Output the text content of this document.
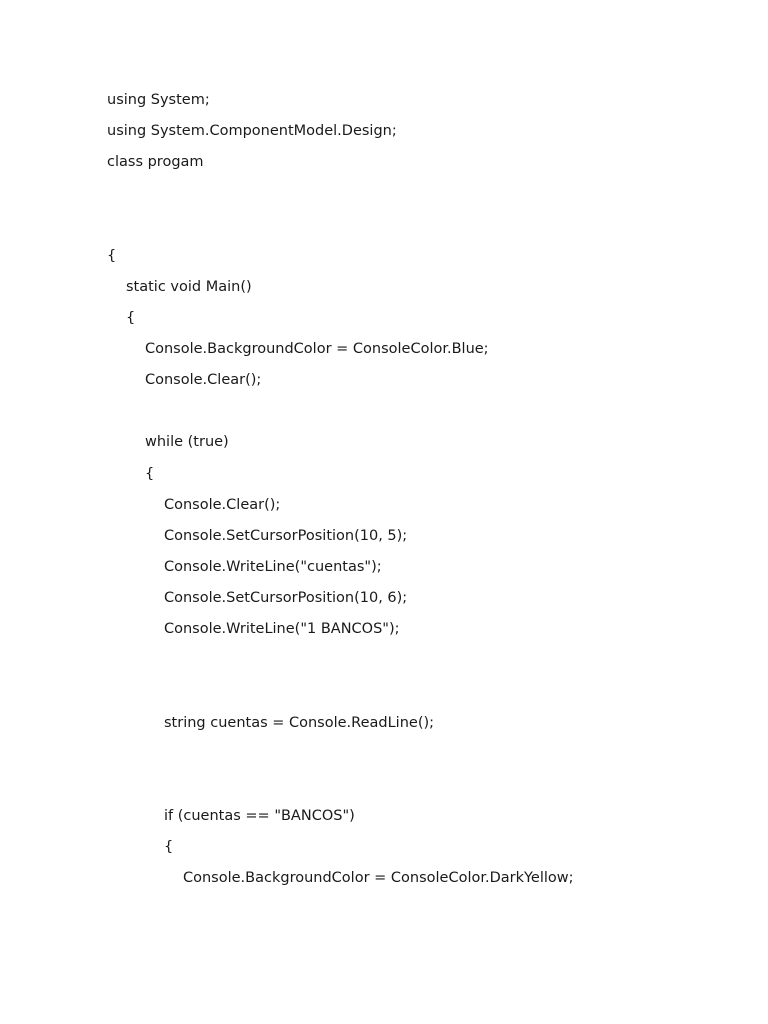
using System;
using System.ComponentModel.Design;
class progam
{
static void Main()
{
Console.BackgroundColor = ConsoleColor.Blue;
Console.Clear();
while (true)
{
Console.Clear();
Console.SetCursorPosition(10, 5);
Console.WriteLine("cuentas");
Console.SetCursorPosition(10, 6);
Console.WriteLine("1 BANCOS");
string cuentas = Console.ReadLine();
if (cuentas == "BANCOS")
{
Console.BackgroundColor = ConsoleColor.DarkYellow;
